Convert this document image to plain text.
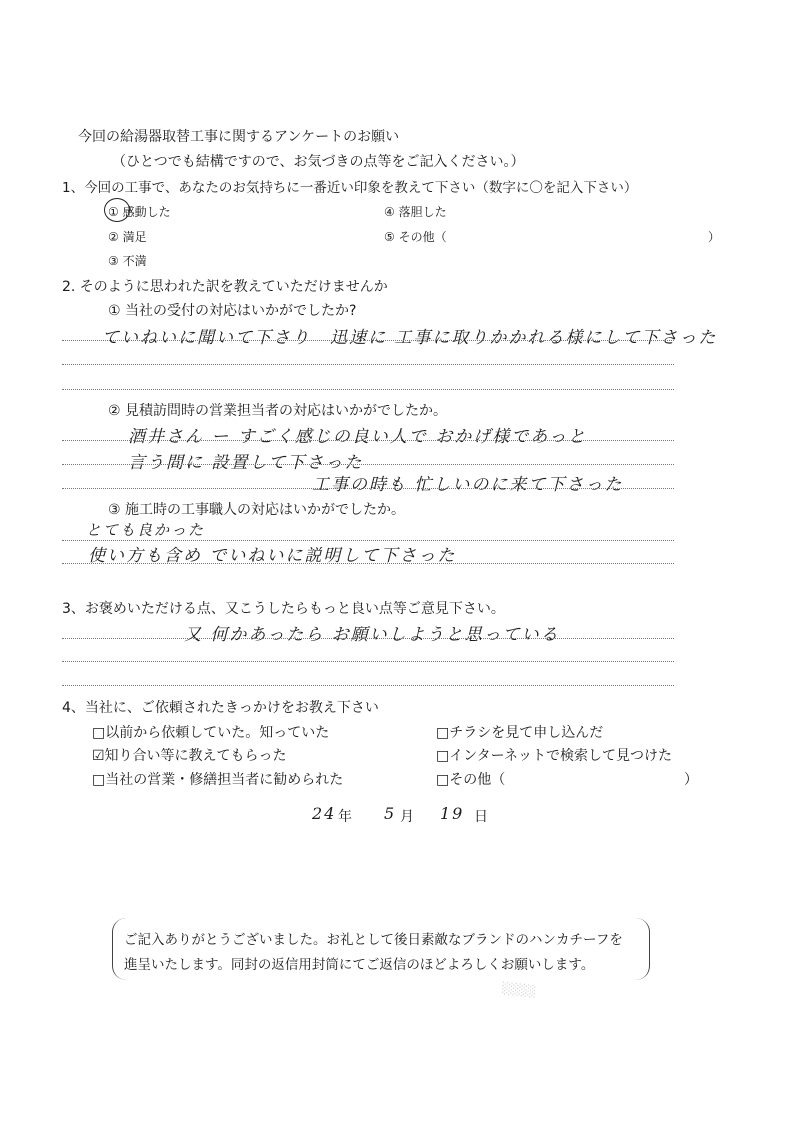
今回の給湯器取替工事に関するアンケートのお願い
（ひとつでも結構ですので、お気づきの点等をご記入ください。）
1、今回の工事で、あなたのお気持ちに一番近い印象を教えて下さい（数字に〇を記入下さい）
① 感動した	④ 落胆した
② 満足	⑤ その他（	）
③ 不満
2. そのように思われた訳を教えていただけませんか
① 当社の受付の対応はいかがでしたか?
ていねいに聞いて下さり　迅速に 工事に取りかかれる様にして下さった
② 見積訪問時の営業担当者の対応はいかがでしたか。
酒井さん ー すごく感じの良い人で おかげ様であっと
言う間に 設置して下さった
工事の時も 忙しいのに来て下さった
③ 施工時の工事職人の対応はいかがでしたか。
とても良かった
使い方も含め でいねいに説明して下さった
3、お褒めいただける点、又こうしたらもっと良い点等ご意見下さい。
又 何かあったら お願いしようと思っている
4、当社に、ご依頼されたきっかけをお教え下さい
□以前から依頼していた。知っていた	□チラシを見て申し込んだ
☑知り合い等に教えてもらった	□インターネットで検索して見つけた
□当社の営業・修繕担当者に勧められた	□その他（	）
24 年 5 月 19 日
ご記入ありがとうございました。お礼として後日素敵なブランドのハンカチーフを
進呈いたします。同封の返信用封筒にてご返信のほどよろしくお願いします。
░░░░
